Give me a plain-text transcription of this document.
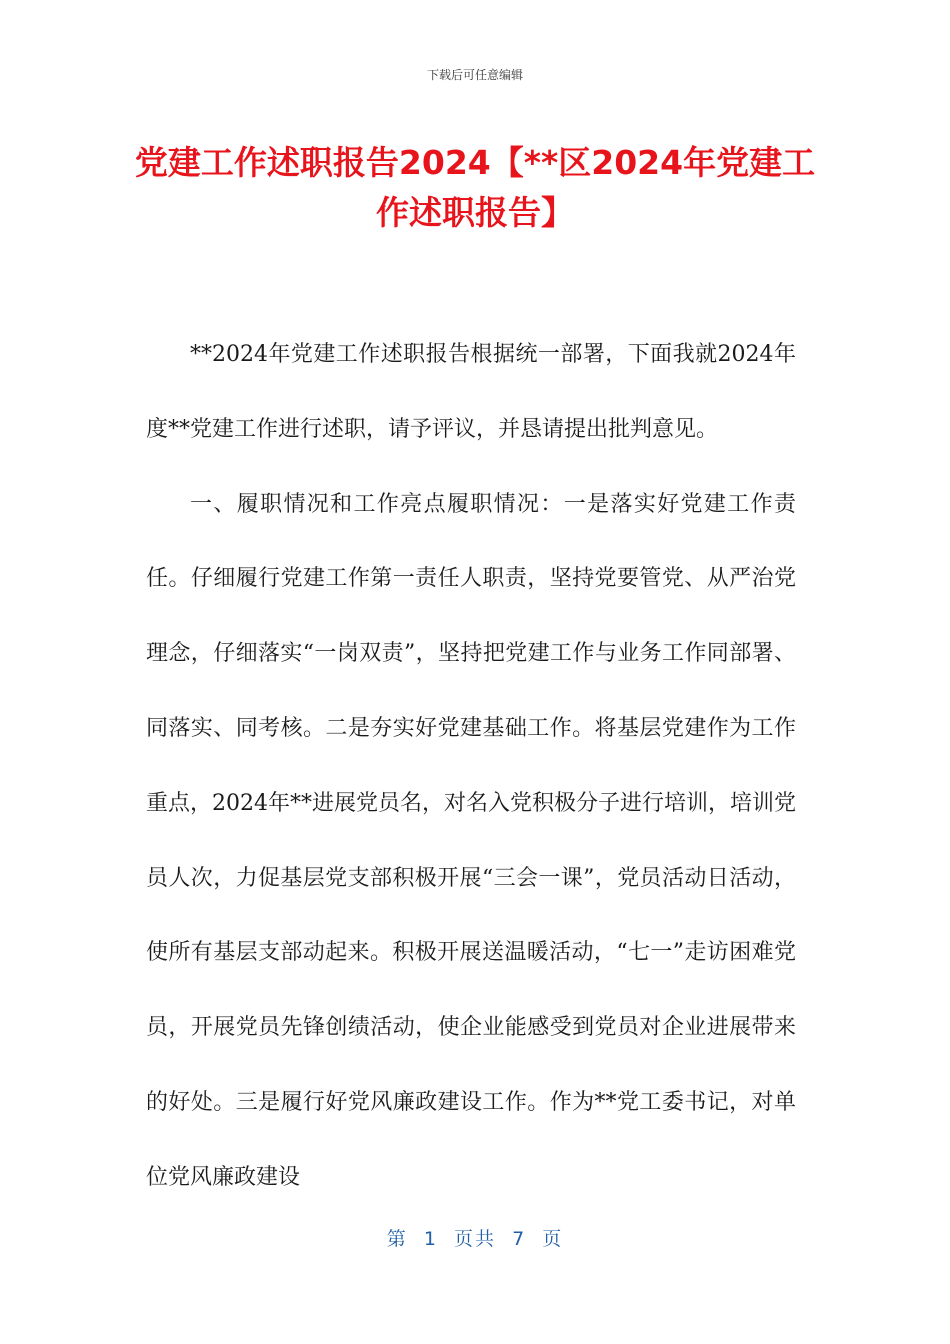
下载后可任意编辑
党建工作述职报告2024【**区2024年党建工作述职报告】

**2024年党建工作述职报告根据统一部署，下面我就2024年度**党建工作进行述职，请予评议，并恳请提出批判意见。

一、履职情况和工作亮点履职情况：一是落实好党建工作责任。仔细履行党建工作第一责任人职责，坚持党要管党、从严治党理念，仔细落实“一岗双责”，坚持把党建工作与业务工作同部署、同落实、同考核。二是夯实好党建基础工作。将基层党建作为工作重点，2024年**进展党员名，对名入党积极分子进行培训，培训党员人次，力促基层党支部积极开展“三会一课”，党员活动日活动，使所有基层支部动起来。积极开展送温暖活动，“七一”走访困难党员，开展党员先锋创绩活动，使企业能感受到党员对企业进展带来的好处。三是履行好党风廉政建设工作。作为**党工委书记，对单位党风廉政建设

第  1  页共  7  页
